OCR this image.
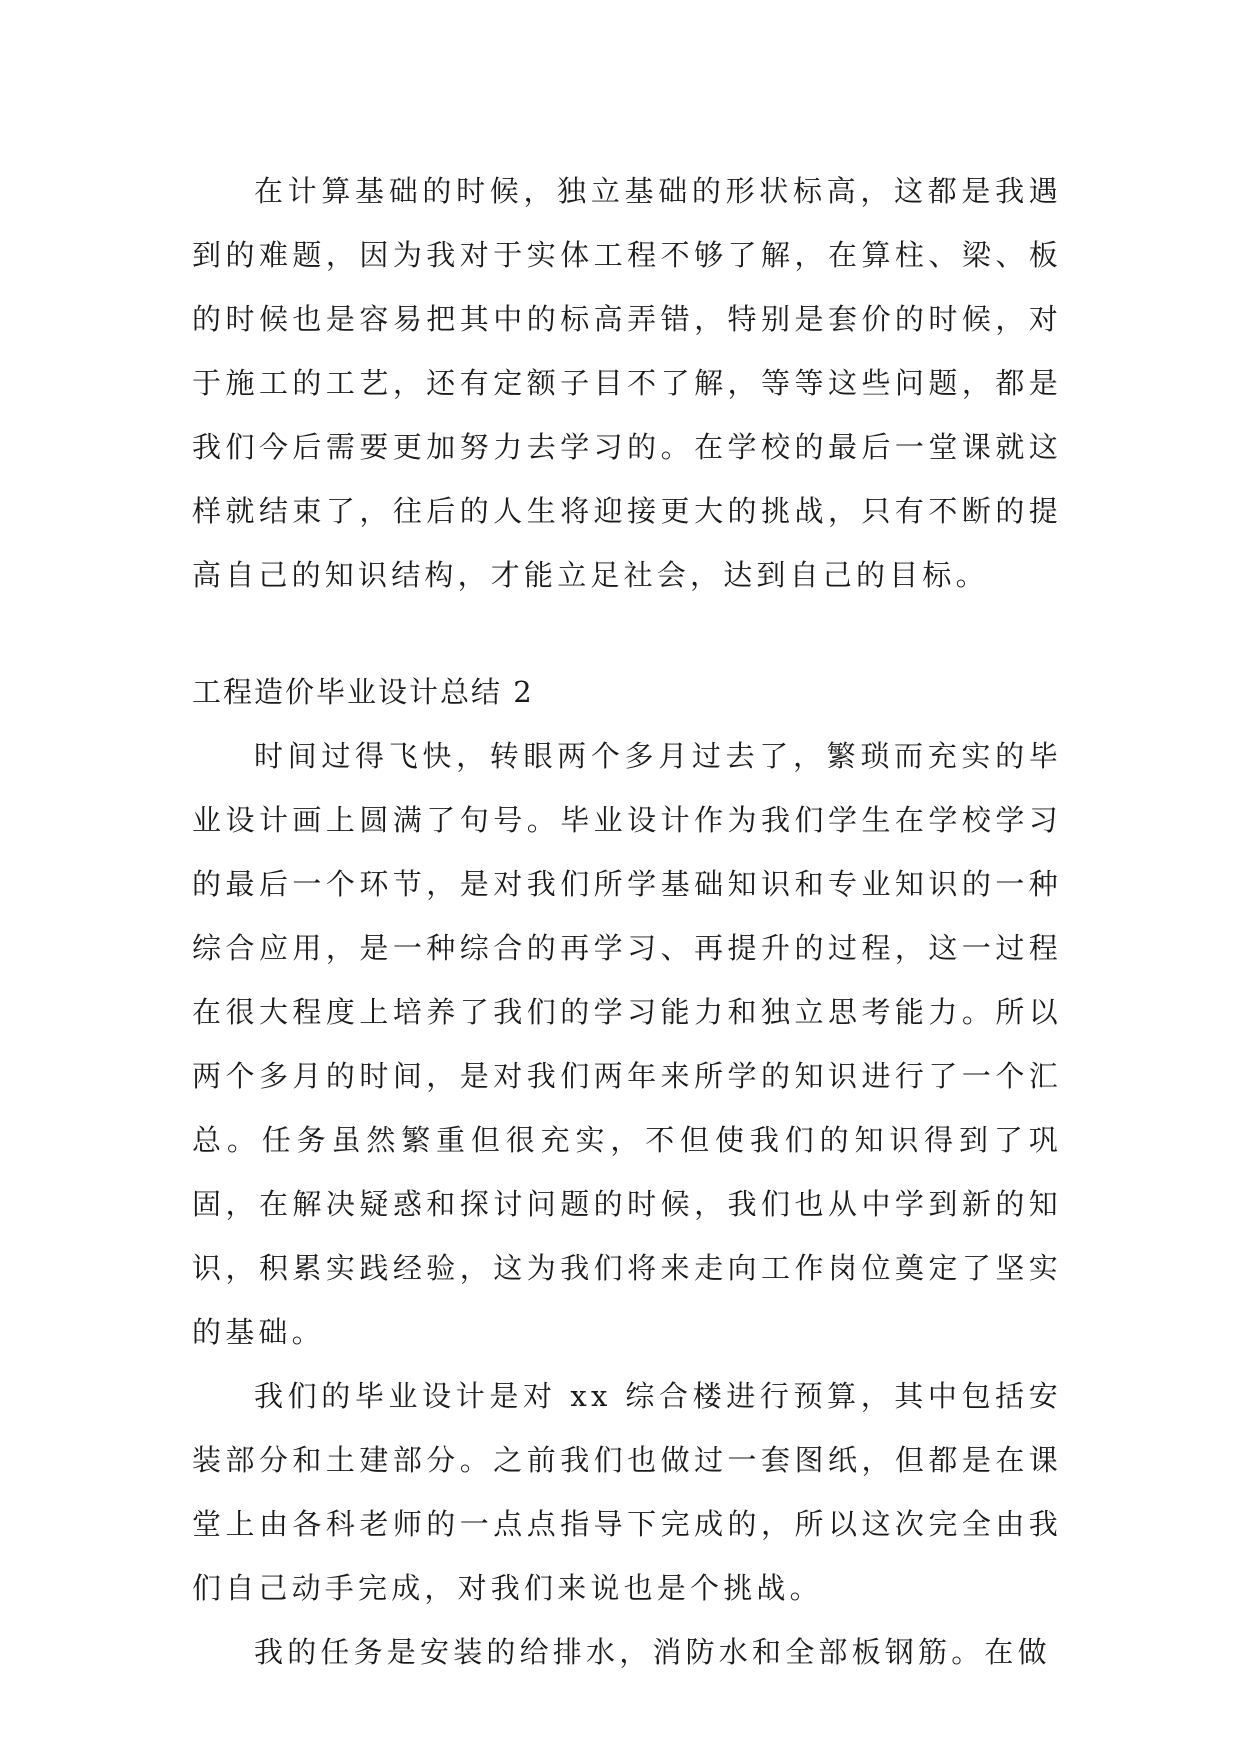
在计算基础的时候，独立基础的形状标高，这都是我遇到的难题，因为我对于实体工程不够了解，在算柱、梁、板的时候也是容易把其中的标高弄错，特别是套价的时候，对于施工的工艺，还有定额子目不了解，等等这些问题，都是我们今后需要更加努力去学习的。在学校的最后一堂课就这样就结束了，往后的人生将迎接更大的挑战，只有不断的提高自己的知识结构，才能立足社会，达到自己的目标。

工程造价毕业设计总结 2

时间过得飞快，转眼两个多月过去了，繁琐而充实的毕业设计画上圆满了句号。毕业设计作为我们学生在学校学习的最后一个环节，是对我们所学基础知识和专业知识的一种综合应用，是一种综合的再学习、再提升的过程，这一过程在很大程度上培养了我们的学习能力和独立思考能力。所以两个多月的时间，是对我们两年来所学的知识进行了一个汇总。任务虽然繁重但很充实，不但使我们的知识得到了巩固，在解决疑惑和探讨问题的时候，我们也从中学到新的知识，积累实践经验，这为我们将来走向工作岗位奠定了坚实的基础。

我们的毕业设计是对 xx 综合楼进行预算，其中包括安装部分和土建部分。之前我们也做过一套图纸，但都是在课堂上由各科老师的一点点指导下完成的，所以这次完全由我们自己动手完成，对我们来说也是个挑战。

我的任务是安装的给排水，消防水和全部板钢筋。在做
